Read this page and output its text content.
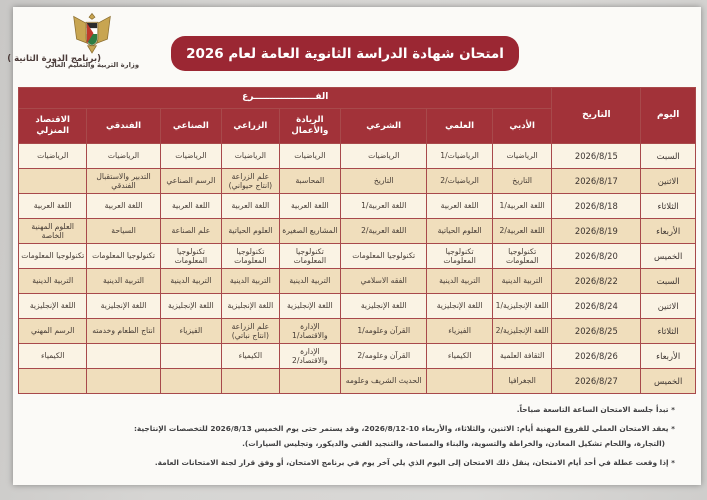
وزارة التربية والتعليم العالي
امتحان شهادة الدراسة الثانوية العامة لعام 2026
(برنامج الدورة الثانية )
اليوم	التاريخ	الفــــــــــــــــــــرع							
		الأدبي	العلمي	الشرعي	الريادة والأعمال	الزراعي	الصناعي	الفندقي	الاقتصاد المنزلي
السبت	2026/8/15	الرياضيات	الرياضيات/1	الرياضيات	الرياضيات	الرياضيات	الرياضيات	الرياضيات	الرياضيات
الاثنين	2026/8/17	التاريخ	الرياضيات/2	التاريخ	المحاسبة	علم الزراعة (انتاج حيواني)	الرسم الصناعي	التدبير والاستقبال الفندقي	
الثلاثاء	2026/8/18	اللغة العربية/1	اللغة العربية	اللغة العربية/1	اللغة العربية	اللغة العربية	اللغة العربية	اللغة العربية	اللغة العربية
الأربعاء	2026/8/19	اللغة العربية/2	العلوم الحياتية	اللغة العربية/2	المشاريع الصغيرة	العلوم الحياتية	علم الصناعة	السياحة	العلوم المهنية الخاصة
الخميس	2026/8/20	تكنولوجيا المعلومات	تكنولوجيا المعلومات	تكنولوجيا المعلومات	تكنولوجيا المعلومات	تكنولوجيا المعلومات	تكنولوجيا المعلومات	تكنولوجيا المعلومات	تكنولوجيا المعلومات
السبت	2026/8/22	التربية الدينية	التربية الدينية	الفقه الاسلامي	التربية الدينية	التربية الدينية	التربية الدينية	التربية الدينية	التربية الدينية
الاثنين	2026/8/24	اللغة الإنجليزية/1	اللغة الإنجليزية	اللغة الإنجليزية	اللغة الإنجليزية	اللغة الإنجليزية	اللغة الإنجليزية	اللغة الإنجليزية	اللغة الإنجليزية
الثلاثاء	2026/8/25	اللغة الإنجليزية/2	الفيزياء	القرآن وعلومه/1	الإدارة والاقتصاد/1	علم الزراعة (انتاج نباتي)	الفيزياء	انتاج الطعام وخدمته	الرسم المهني
الأربعاء	2026/8/26	الثقافة العلمية	الكيمياء	القرآن وعلومه/2	الإدارة والاقتصاد/2	الكيمياء			الكيمياء
الخميس	2026/8/27	الجغرافيا		الحديث الشريف وعلومه					
* تبدأ جلسة الامتحان الساعة التاسعة صباحاً.
* يعقد الامتحان العملي للفروع المهنية أيام: الاثنين، والثلاثاء، والأربعاء 10-2026/8/12، وقد يستمر حتى يوم الخميس 2026/8/13 للتخصصات الإنتاجية:
(التجارة، واللحام تشكيل المعادن، والخراطة والتسوية، والبناء والمساحة، والتنجيد الفني والديكور، وتجليس السيارات).
* إذا وقعت عطلة في أحد أيام الامتحان، ينقل ذلك الامتحان إلى اليوم الذي يلي آخر يوم في برنامج الامتحان، أو وفق قرار لجنة الامتحانات العامة.
